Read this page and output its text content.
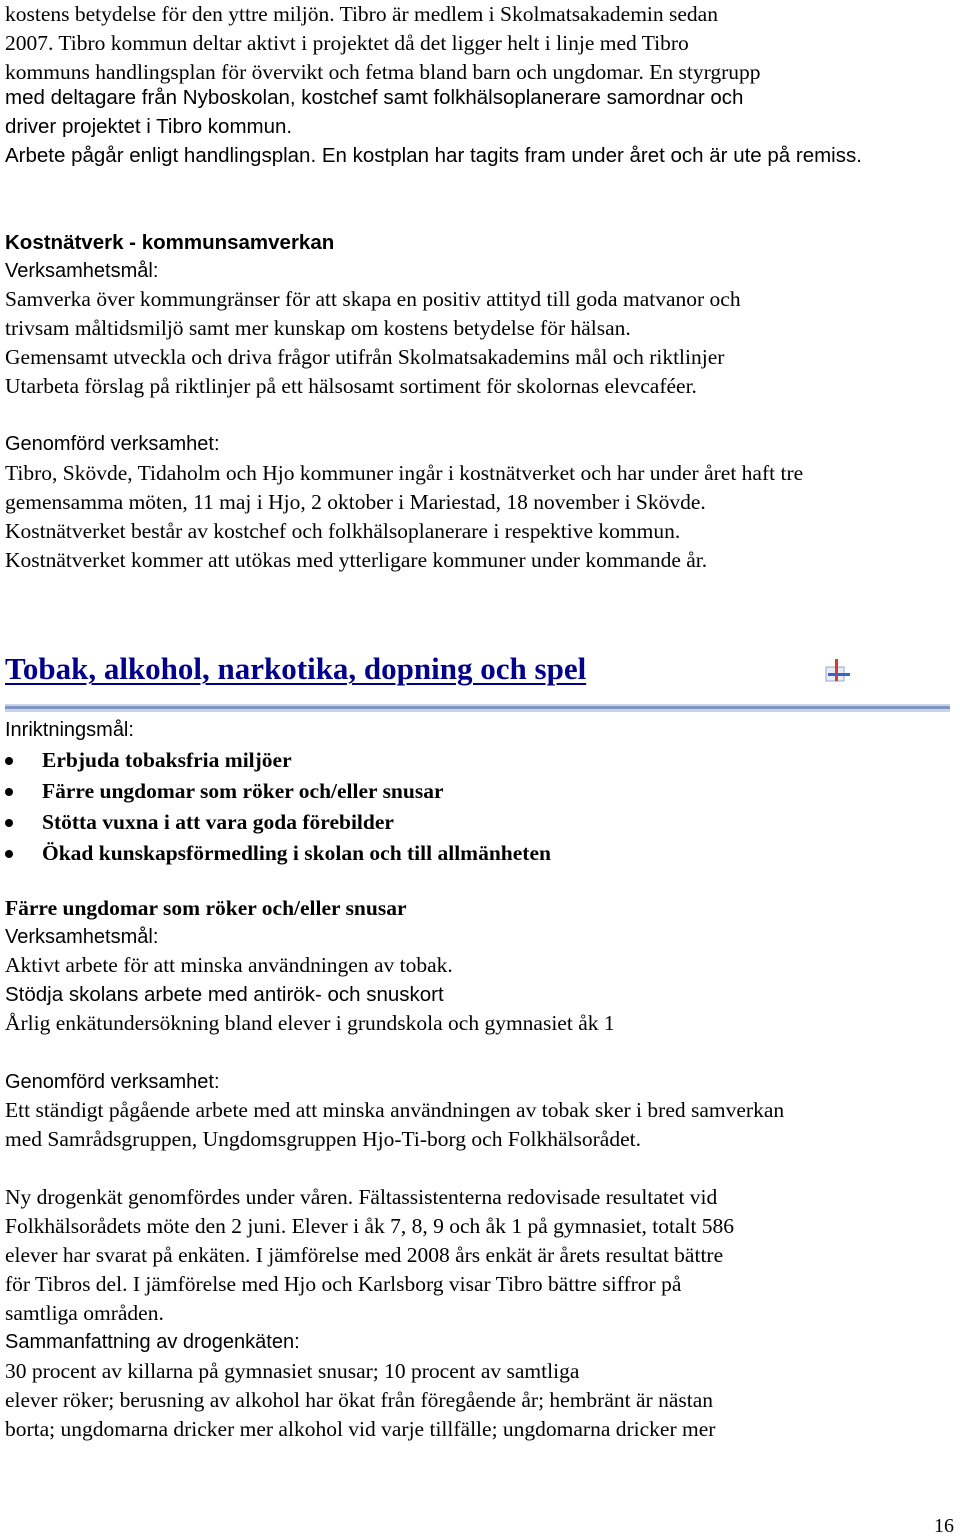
kostens betydelse för den yttre miljön. Tibro är medlem i Skolmatsakademin sedan
2007. Tibro kommun deltar aktivt i projektet då det ligger helt i linje med Tibro
kommuns handlingsplan för övervikt och fetma bland barn och ungdomar. En styrgrupp
med deltagare från Nyboskolan, kostchef samt folkhälsoplanerare samordnar och
driver projektet i Tibro kommun.
Arbete pågår enligt handlingsplan. En kostplan har tagits fram under året och är ute på remiss.
Kostnätverk - kommunsamverkan
Verksamhetsmål:
Samverka över kommungränser för att skapa en positiv attityd till goda matvanor och
trivsam måltidsmiljö samt mer kunskap om kostens betydelse för hälsan.
Gemensamt utveckla och driva frågor utifrån Skolmatsakademins mål och riktlinjer
Utarbeta förslag på riktlinjer på ett hälsosamt sortiment för skolornas elevcaféer.
Genomförd verksamhet:
Tibro, Skövde, Tidaholm och Hjo kommuner ingår i kostnätverket och har under året haft tre
gemensamma möten, 11 maj i Hjo, 2 oktober i Mariestad, 18 november i Skövde.
Kostnätverket består av kostchef och folkhälsoplanerare i respektive kommun.
Kostnätverket kommer att utökas med ytterligare kommuner under kommande år.
Tobak, alkohol, narkotika, dopning och spel
Inriktningsmål:
Erbjuda tobaksfria miljöer
Färre ungdomar som röker och/eller snusar
Stötta vuxna i att vara goda förebilder
Ökad kunskapsförmedling i skolan och till allmänheten
Färre ungdomar som röker och/eller snusar
Verksamhetsmål:
Aktivt arbete för att minska användningen av tobak.
Stödja skolans arbete med antirök- och snuskort
Årlig enkätundersökning bland elever i grundskola och gymnasiet åk 1
Genomförd verksamhet:
Ett ständigt pågående arbete med att minska användningen av tobak sker i bred samverkan
med Samrådsgruppen, Ungdomsgruppen Hjo-Ti-borg och Folkhälsorådet.
Ny drogenkät genomfördes under våren. Fältassistenterna redovisade resultatet vid
Folkhälsorådets möte den 2 juni. Elever i åk 7, 8, 9 och åk 1 på gymnasiet, totalt 586
elever har svarat på enkäten. I jämförelse med 2008 års enkät är årets resultat bättre
för Tibros del. I jämförelse med Hjo och Karlsborg visar Tibro bättre siffror på
samtliga områden.
Sammanfattning av drogenkäten:
30 procent av killarna på gymnasiet snusar; 10 procent av samtliga
elever röker; berusning av alkohol har ökat från föregående år; hembränt är nästan
borta; ungdomarna dricker mer alkohol vid varje tillfälle; ungdomarna dricker mer
16
